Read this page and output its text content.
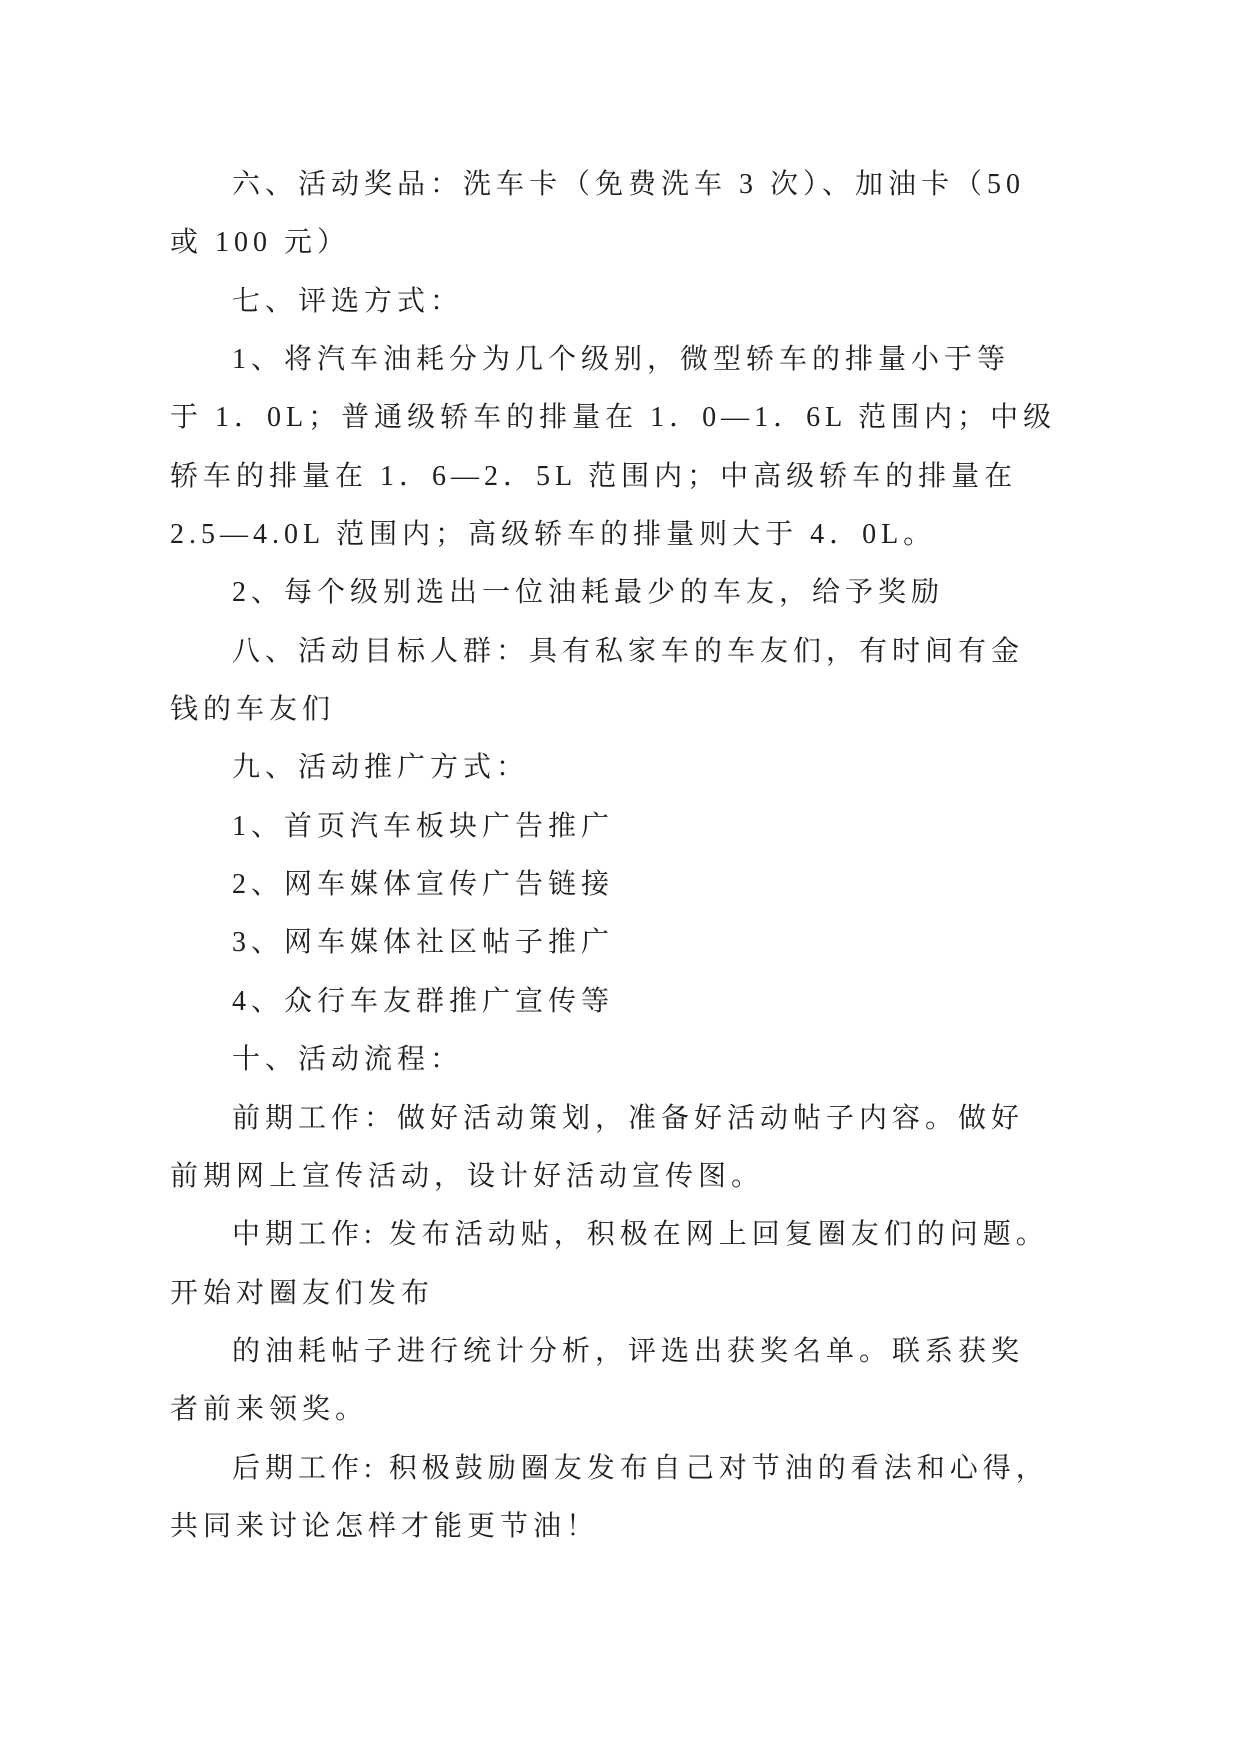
六、活动奖品：洗车卡（免费洗车 3 次）、加油卡（50
或 100 元）
七、评选方式：
1、将汽车油耗分为几个级别，微型轿车的排量小于等
于 1．0L；普通级轿车的排量在 1．0—1．6L 范围内；中级
轿车的排量在 1．6—2．5L 范围内；中高级轿车的排量在
2.5—4.0L 范围内；高级轿车的排量则大于 4．0L。
2、每个级别选出一位油耗最少的车友，给予奖励
八、活动目标人群：具有私家车的车友们，有时间有金
钱的车友们
九、活动推广方式：
1、首页汽车板块广告推广
2、网车媒体宣传广告链接
3、网车媒体社区帖子推广
4、众行车友群推广宣传等
十、活动流程：
前期工作：做好活动策划，准备好活动帖子内容。做好
前期网上宣传活动，设计好活动宣传图。
中期工作: 发布活动贴，积极在网上回复圈友们的问题。
开始对圈友们发布
的油耗帖子进行统计分析，评选出获奖名单。联系获奖
者前来领奖。
后期工作: 积极鼓励圈友发布自己对节油的看法和心得，
共同来讨论怎样才能更节油！
